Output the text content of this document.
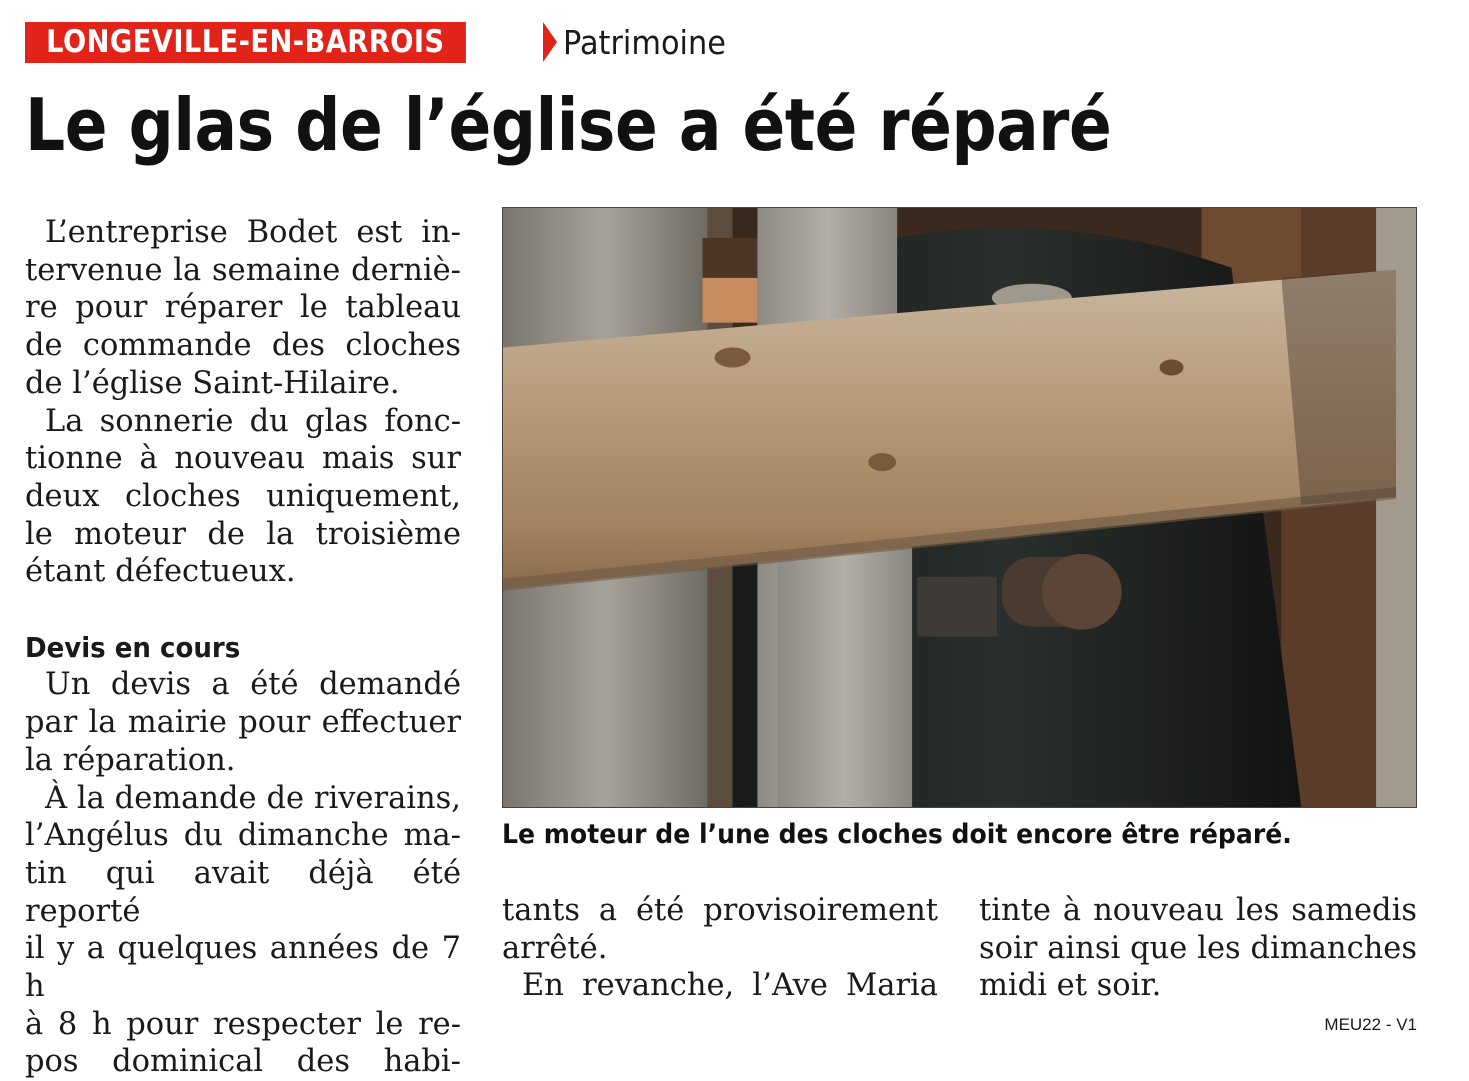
LONGEVILLE-EN-BARROIS	Patrimoine
Le glas de l’église a été réparé

L’entreprise Bodet est in-

tervenue la semaine derniè-

re pour réparer le tableau

de commande des cloches

de l’église Saint-Hilaire.

La sonnerie du glas fonc-

tionne à nouveau mais sur

deux cloches uniquement,

le moteur de la troisième

étant défectueux.

Devis en cours

Un devis a été demandé

par la mairie pour effectuer

la réparation.

À la demande de riverains,

l’Angélus du dimanche ma-

tin qui avait déjà été reporté

il y a quelques années de 7 h

à 8 h pour respecter le re-

pos dominical des habi-

Le moteur de l’une des cloches doit encore être réparé.

tants a été provisoirement

arrêté.

En revanche, l’Ave Maria

tinte à nouveau les samedis

soir ainsi que les dimanches

midi et soir.

MEU22 - V1
